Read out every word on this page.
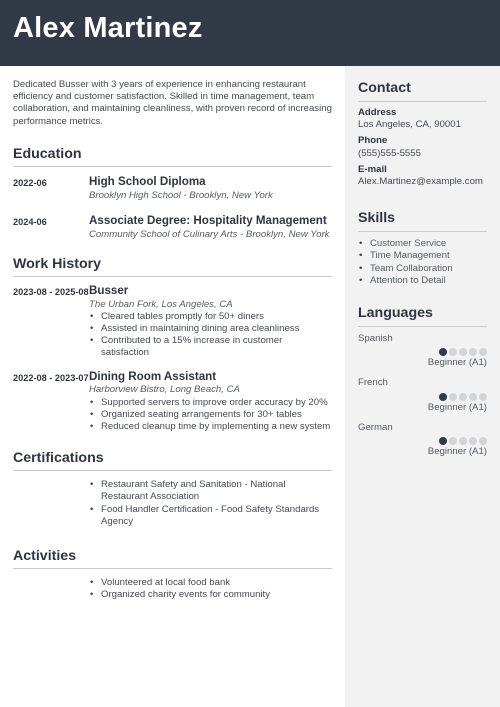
Alex Martinez

Dedicated Busser with 3 years of experience in enhancing restaurant efficiency and customer satisfaction. Skilled in time management, team collaboration, and maintaining cleanliness, with proven record of increasing performance metrics.

Education
2022-06	High School Diploma
Brooklyn High School - Brooklyn, New York
2024-06	Associate Degree: Hospitality Management
Community School of Culinary Arts - Brooklyn, New York
Work History
2023-08 - 2025-08 Busser
The Urban Fork, Los Angeles, CA
• Cleared tables promptly for 50+ diners
• Assisted in maintaining dining area cleanliness
• Contributed to a 15% increase in customer satisfaction
2022-08 - 2023-07 Dining Room Assistant
Harborview Bistro, Long Beach, CA
• Supported servers to improve order accuracy by 20%
• Organized seating arrangements for 30+ tables
• Reduced cleanup time by implementing a new system
Certifications
• Restaurant Safety and Sanitation - National Restaurant Association
• Food Handler Certification - Food Safety Standards Agency
Activities
• Volunteered at local food bank
• Organized charity events for community
Contact
Address
Los Angeles, CA, 90001
Phone
(555)555-5555
E-mail
Alex.Martinez@example.com
Skills
• Customer Service
• Time Management
• Team Collaboration
• Attention to Detail
Languages
Spanish
Beginner (A1)
French
Beginner (A1)
German
Beginner (A1)
